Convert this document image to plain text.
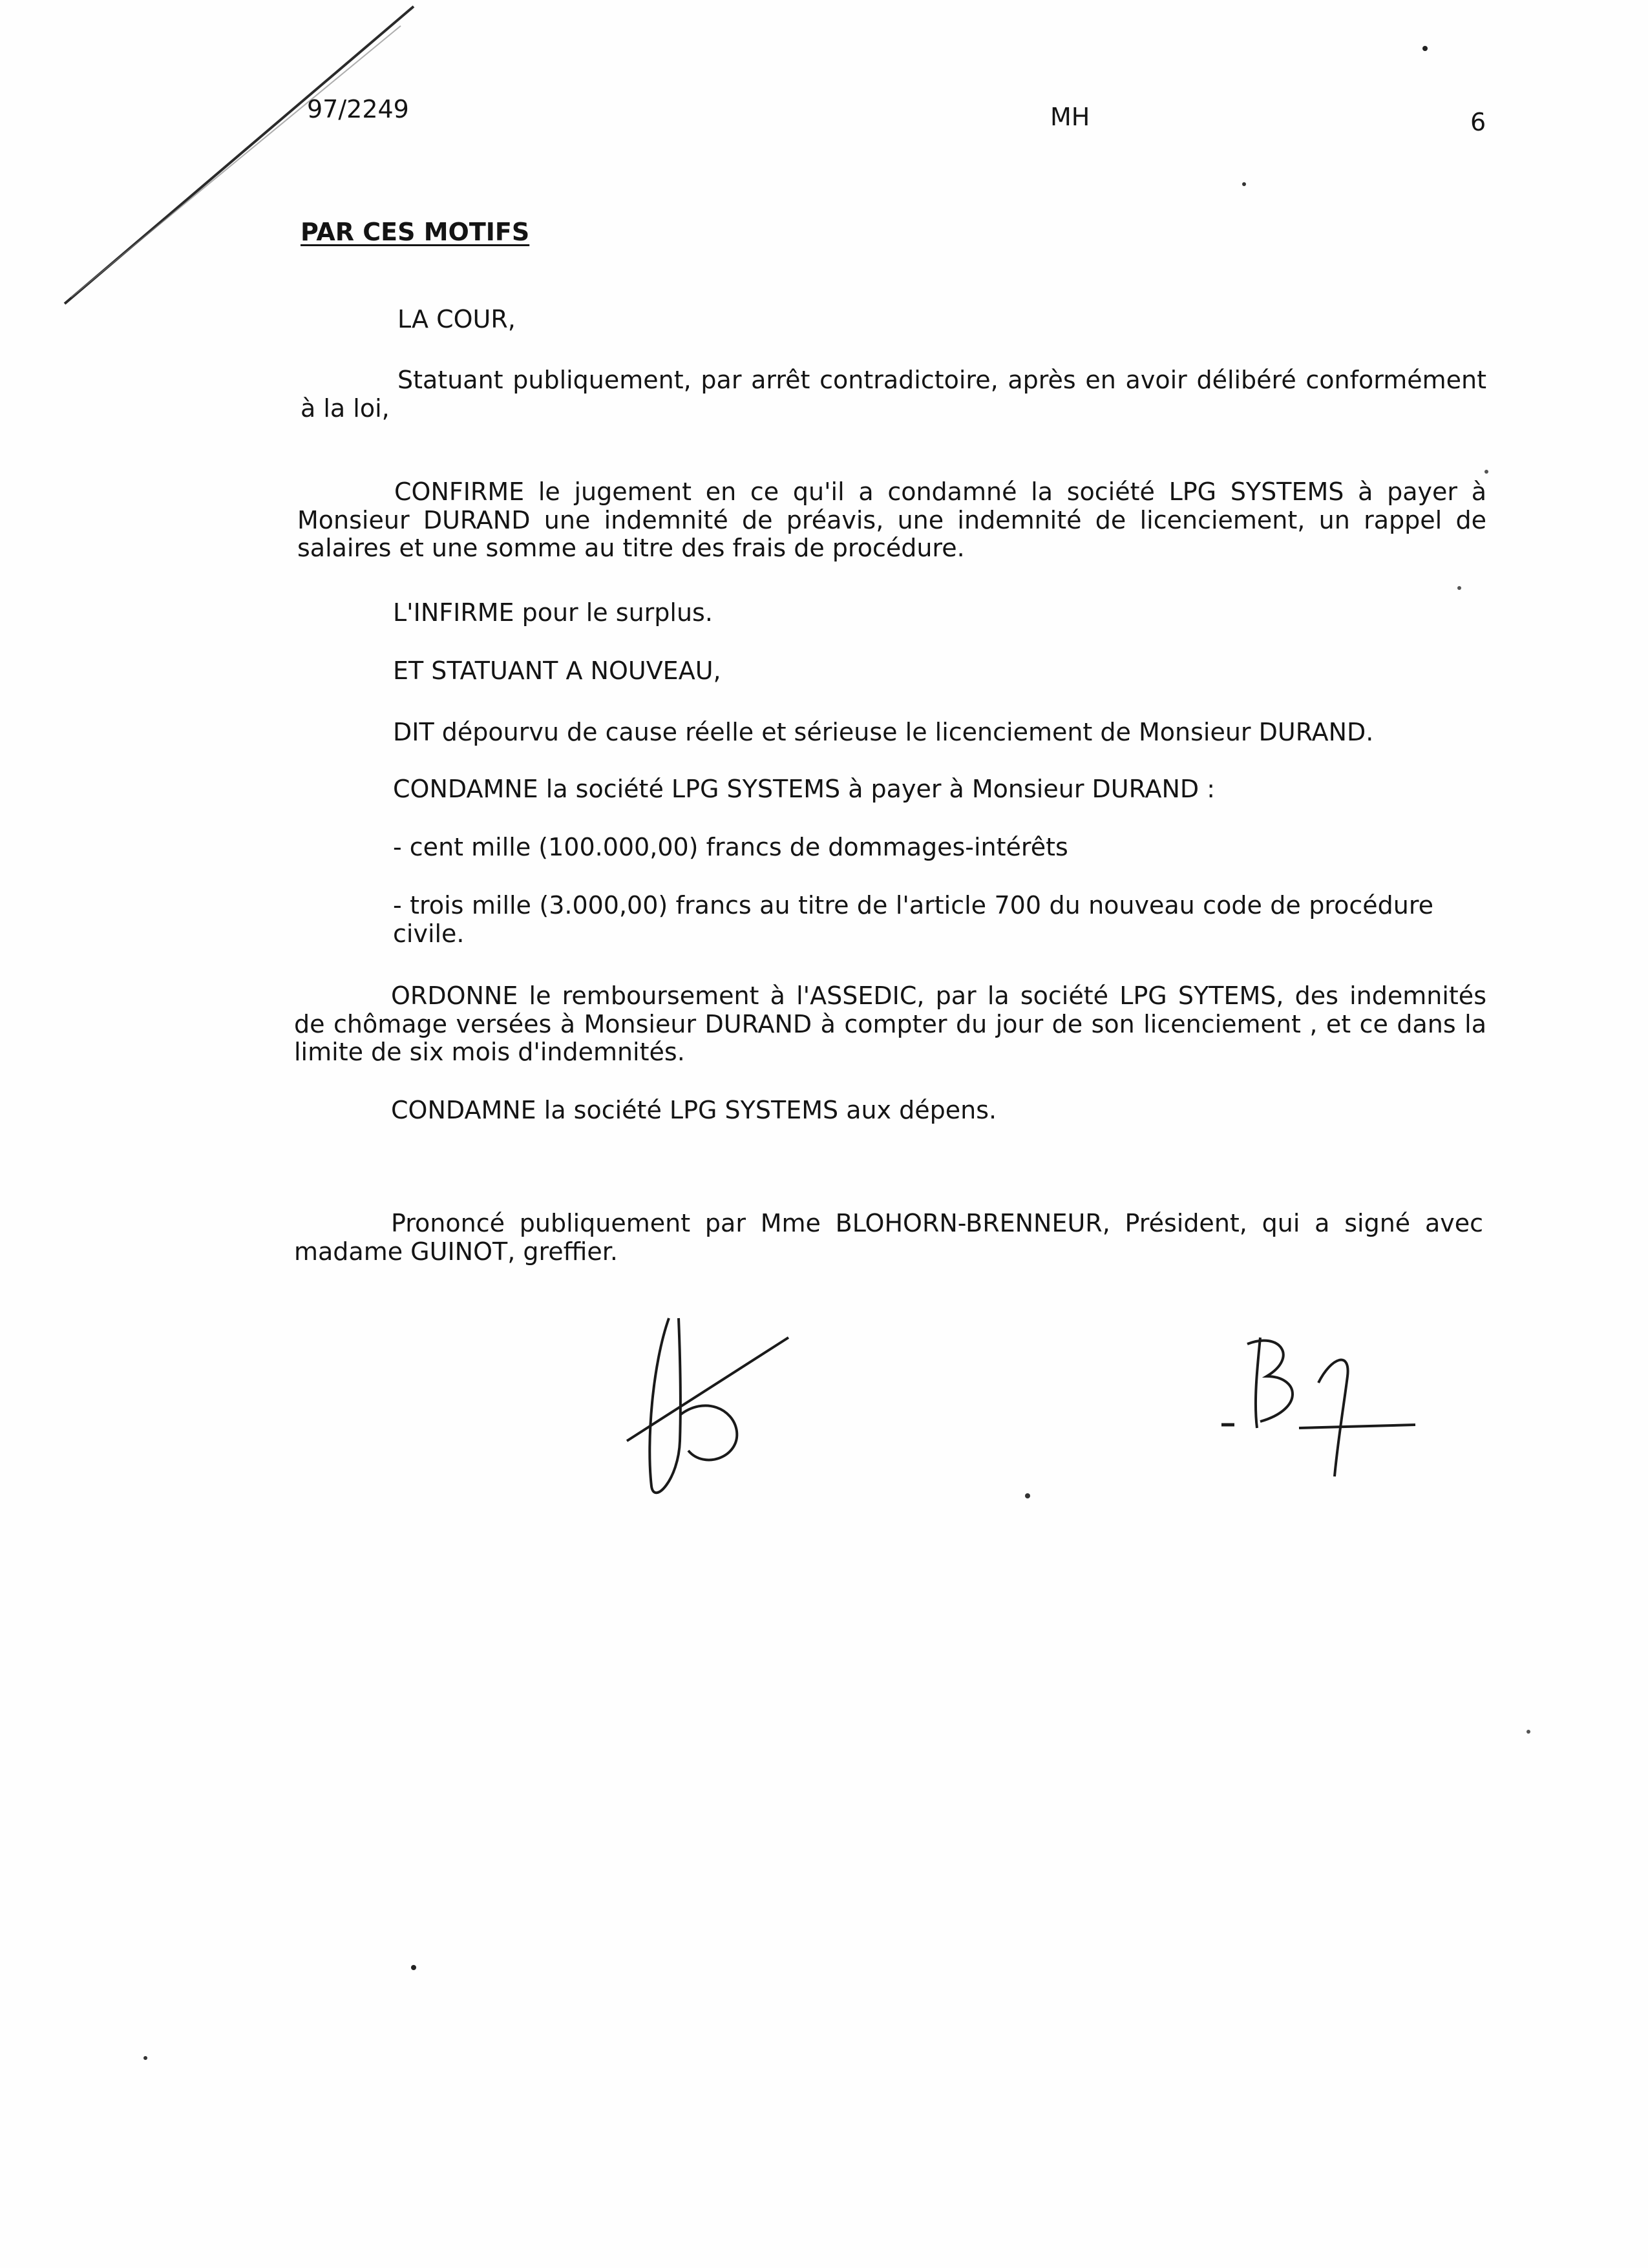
97/2249	MH	6
PAR CES MOTIFS
LA COUR,
Statuant publiquement, par arrêt contradictoire, après en avoir délibéré conformément à la loi,
CONFIRME le jugement en ce qu'il a condamné la société LPG SYSTEMS à payer à Monsieur DURAND une indemnité de préavis, une indemnité de licenciement, un rappel de salaires et une somme au titre des frais de procédure.
L'INFIRME pour le surplus.
ET STATUANT A NOUVEAU,
DIT dépourvu de cause réelle et sérieuse le licenciement de Monsieur DURAND.
CONDAMNE la société LPG SYSTEMS à payer à Monsieur DURAND :
- cent mille (100.000,00) francs de dommages-intérêts
- trois mille (3.000,00) francs au titre de l'article 700 du nouveau code de procédure civile.
ORDONNE le remboursement à l'ASSEDIC, par la société LPG SYTEMS, des indemnités de chômage versées à Monsieur DURAND à compter du jour de son licenciement , et ce dans la limite de six mois d'indemnités.
CONDAMNE la société LPG SYSTEMS aux dépens.
Prononcé publiquement par Mme BLOHORN-BRENNEUR, Président, qui a signé avec madame GUINOT, greffier.
